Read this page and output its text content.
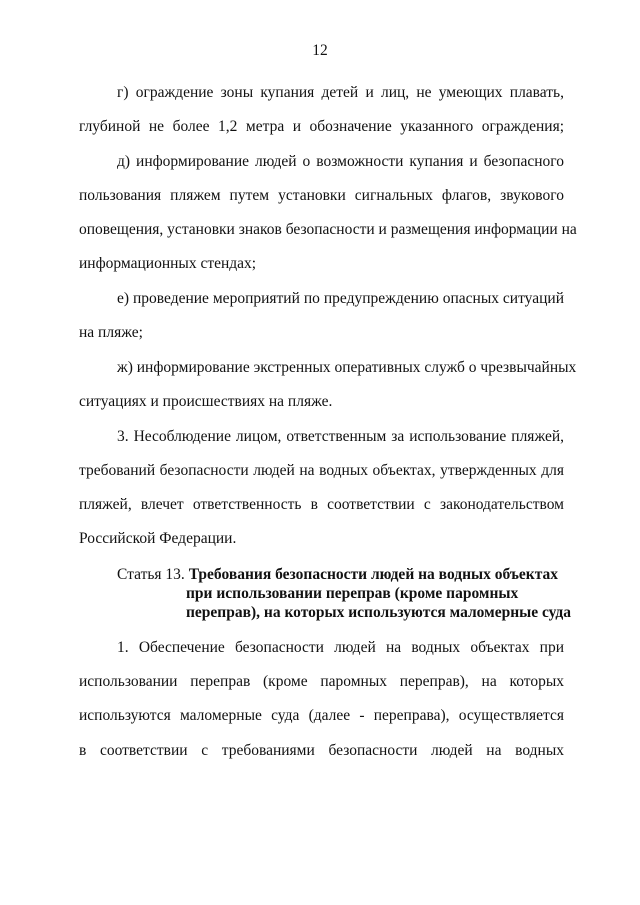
12
г) ограждение зоны купания детей и лиц, не умеющих плавать,
глубиной не более 1,2 метра и обозначение указанного ограждения;
д) информирование людей о возможности купания и безопасного
пользования пляжем путем установки сигнальных флагов, звукового
оповещения, установки знаков безопасности и размещения информации на
информационных стендах;
е) проведение мероприятий по предупреждению опасных ситуаций
на пляже;
ж) информирование экстренных оперативных служб о чрезвычайных
ситуациях и происшествиях на пляже.
3. Несоблюдение лицом, ответственным за использование пляжей,
требований безопасности людей на водных объектах, утвержденных для
пляжей, влечет ответственность в соответствии с законодательством
Российской Федерации.
Статья 13. Требования безопасности людей на водных объектах
при использовании переправ (кроме паромных
переправ), на которых используются маломерные суда
1. Обеспечение безопасности людей на водных объектах при
использовании переправ (кроме паромных переправ), на которых
используются маломерные суда (далее - переправа), осуществляется
в соответствии с требованиями безопасности людей на водных
